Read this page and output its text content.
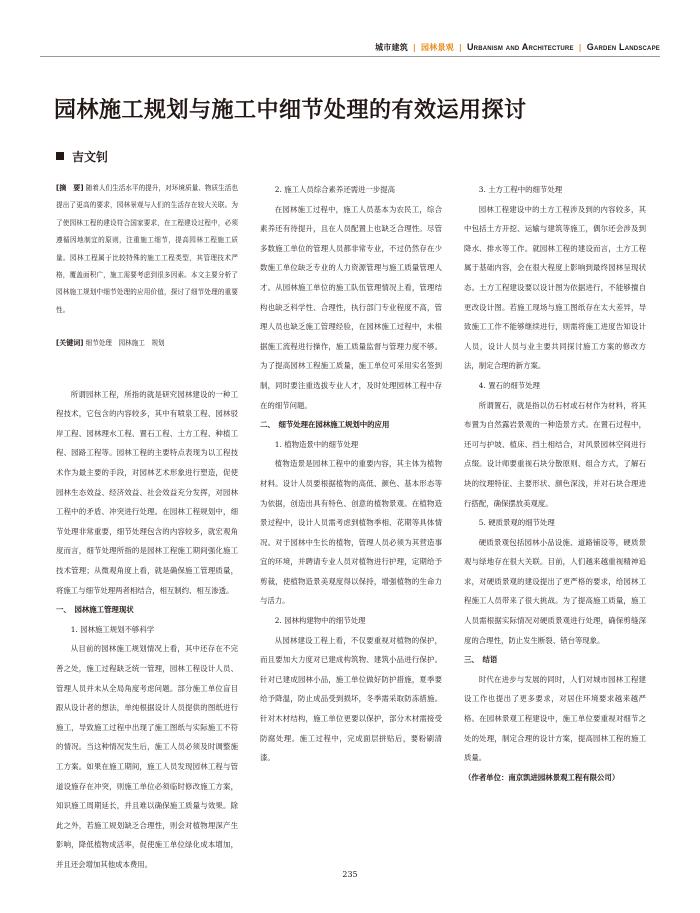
城市建筑 | 园林景观 | Urbanism and Architecture | Garden Landscape
园林施工规划与施工中细节处理的有效运用探讨
吉文钊

[摘　要] 随着人们生活水平的提升，对环境质量、物质生活也提出了更高的要求，园林景观与人们的生活存在较大关联。为了使园林工程的建设符合国家要求，在工程建设过程中，必须遵循因地制宜的原则，注重施工细节，提高园林工程施工质量。园林工程属于比较特殊的施工工程类型，其管理技术严格，覆盖面积广，施工需要考虑到很多因素。本文主要分析了园林施工规划中细节处理的应用价值，探讨了细节处理的重要性。

[关键词] 细节处理　园林施工　规划

所谓园林工程，所指的就是研究园林建设的一种工程技术，它包含的内容较多，其中有喷泉工程、园林驳岸工程、园林理水工程、置石工程、土方工程、种植工程、园路工程等。园林工程的主要特点表现为以工程技术作为最主要的手段，对园林艺术形象进行塑造，促使园林生态效益、经济效益、社会效益充分发挥，对园林工程中的矛盾、冲突进行处理。在园林工程规划中，细节处理非常重要，细节处理包含的内容较多，就宏观角度而言，细节处理所指的是园林工程施工期间强化施工技术管理；从微观角度上看，就是确保施工管理质量，将施工与细节处理两者相结合，相互制约、相互渗透。

一、　园林施工管理现状

1. 园林施工规划不够科学

从目前的园林施工规划情况上看，其中还存在不完善之处，施工过程缺乏统一管理，园林工程设计人员、管理人员并未从全局角度考虑问题。部分施工单位盲目跟从设计者的想法，单纯根据设计人员提供的图纸进行施工，导致施工过程中出现了施工图纸与实际施工不符的情况。当这种情况发生后，施工人员必须及时调整施工方案。如果在施工期间，施工人员发现园林工程与管道设施存在冲突，则施工单位必须临时修改施工方案，知识施工周期延长，并且难以确保施工质量与效果。除此之外，若施工规划缺乏合理性，则会对植物埋深产生影响，降低植物成活率，促使施工单位绿化成本增加，并且还会增加其他成本费用。

2. 施工人员综合素养还需进一步提高

在园林施工过程中，施工人员基本为农民工，综合素养还有待提升，且在人员配置上也缺乏合理性。尽管多数施工单位的管理人员都非常专业，不过仍然存在少数施工单位缺乏专业的人力资源管理与施工质量管理人才。从园林施工单位的施工队伍管理情况上看，管理结构也缺乏科学性、合理性，执行部门专业程度不高，管理人员也缺乏施工管理经验，在园林施工过程中，未根据施工流程进行操作，施工质量监督与管理力度不够。为了提高园林工程施工质量，施工单位可采用实名签到制，同时要注重选拔专业人才，及时处理园林工程中存在的细节问题。

二、　细节处理在园林施工规划中的应用

1. 植物造景中的细节处理

植物造景是园林工程中的重要内容，其主体为植物材料。设计人员要根据植物的高低、颜色、基本形态等为依据，创造出具有特色、创意的植物景观。在植物造景过程中，设计人员需考虑到植物季相、花期等具体情况。对于园林中生长的植物，管理人员必须为其营造事宜的环境，并聘请专业人员对植物进行护理，定期给予剪裁，使植物造景美观度得以保持，增强植物的生命力与活力。

2. 园林构建物中的细节处理

从园林建设工程上看，不仅要重视对植物的保护，而且要加大力度对已建成构筑物、建筑小品进行保护。针对已建成园林小品，施工单位做好防护措施，夏季要给予降温，防止成品受到损坏，冬季需采取防冻措施。针对木材结构，施工单位更要以保护，部分木材需接受防腐处理。施工过程中，完成面层拼贴后，要粉刷清漆。

3. 土方工程中的细节处理

园林工程建设中的土方工程涉及到的内容较多，其中包括土方开挖、运输与建筑等施工，偶尔还会涉及到降水、排水等工作。就园林工程的建设而言，土方工程属于基础内容，会在很大程度上影响到最终园林呈现状态。土方工程建设要以设计图为依据进行，不能够擅自更改设计图。若施工现场与施工图纸存在太大差异，导致施工工作不能够继续进行，则需将施工进度告知设计人员，设计人员与业主要共同探讨施工方案的修改方法，制定合理的新方案。

4. 置石的细节处理

所谓置石，就是指以仿石材或石材作为材料，将其布置为自然露岩景观的一种造景方式。在置石过程中，还可与护坡、植床、挡土相结合，对风景园林空间进行点缀。设计师要重视石块分散原则、组合方式，了解石块的纹理特征、主要形状、颜色深浅，并对石块合理进行搭配，确保摆放美观度。

5. 硬质景观的细节处理

硬质景观包括园林小品设施、道路铺设等，硬质景观与绿地存在很大关联。目前，人们越来越重视精神追求，对硬质景观的建设提出了更严格的要求，给园林工程施工人员带来了很大挑战。为了提高施工质量，施工人员需根据实际情况对硬质景观进行处理，确保剪缝深度的合理性，防止发生断裂、错台等现象。

三、　结语

时代在进步与发展的同时，人们对城市园林工程建设工作也提出了更多要求，对居住环境要求越来越严格。在园林景观工程建设中，施工单位要重视对细节之处的处理，制定合理的设计方案，提高园林工程的施工质量。

（作者单位：南京凯进园林景观工程有限公司）

235
